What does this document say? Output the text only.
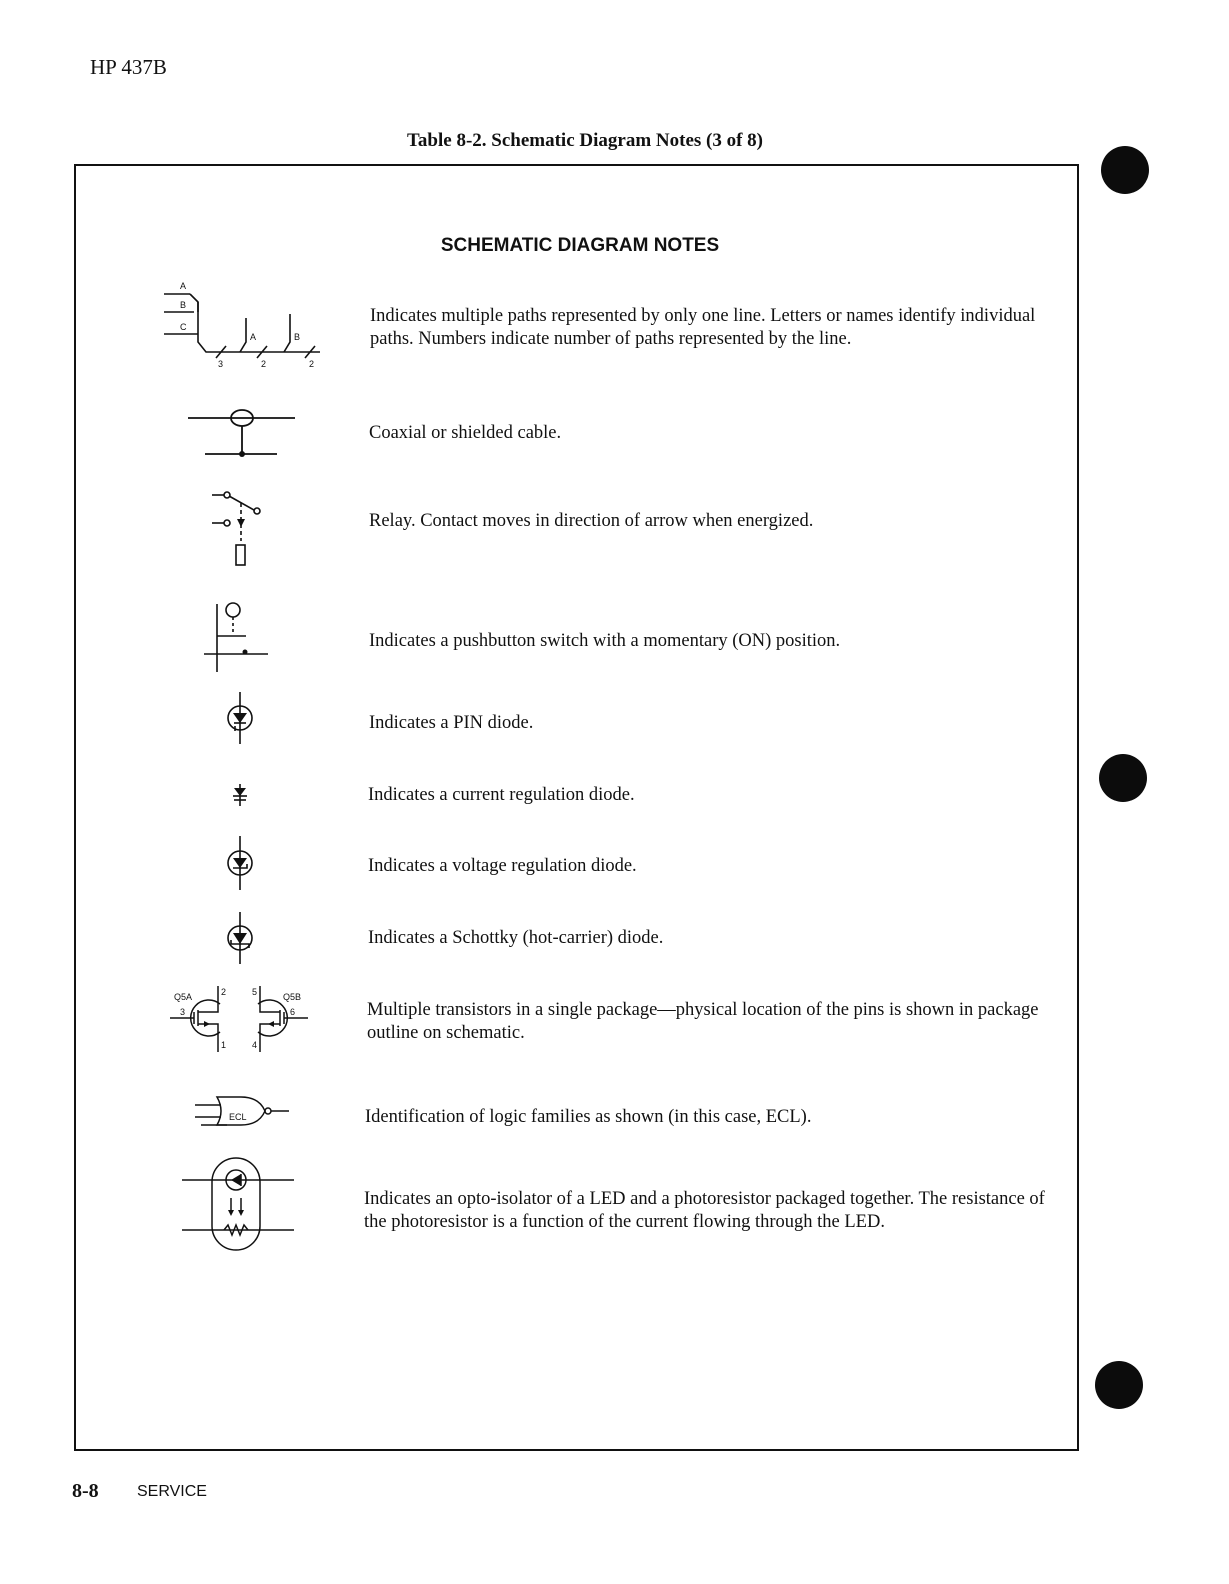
HP 437B
Table 8-2. Schematic Diagram Notes (3 of 8)
SCHEMATIC DIAGRAM NOTES
A
B
C
A	B
3	2	2
Indicates multiple paths represented by only one line. Letters or names identify individual paths. Numbers indicate number of paths represented by the line.
Coaxial or shielded cable.
Relay. Contact moves in direction of arrow when energized.
Indicates a pushbutton switch with a momentary (ON) position.
Indicates a PIN diode.
Indicates a current regulation diode.
Indicates a voltage regulation diode.
Indicates a Schottky (hot-carrier) diode.
Q5A	2
3
1
5	Q5B
6
4
Multiple transistors in a single package—physical location of the pins is shown in package outline on schematic.
ECL	Identification of logic families as shown (in this case, ECL).
Indicates an opto-isolator of a LED and a photoresistor packaged together. The resistance of the photoresistor is a function of the current flowing through the LED.
8-8 SERVICE
